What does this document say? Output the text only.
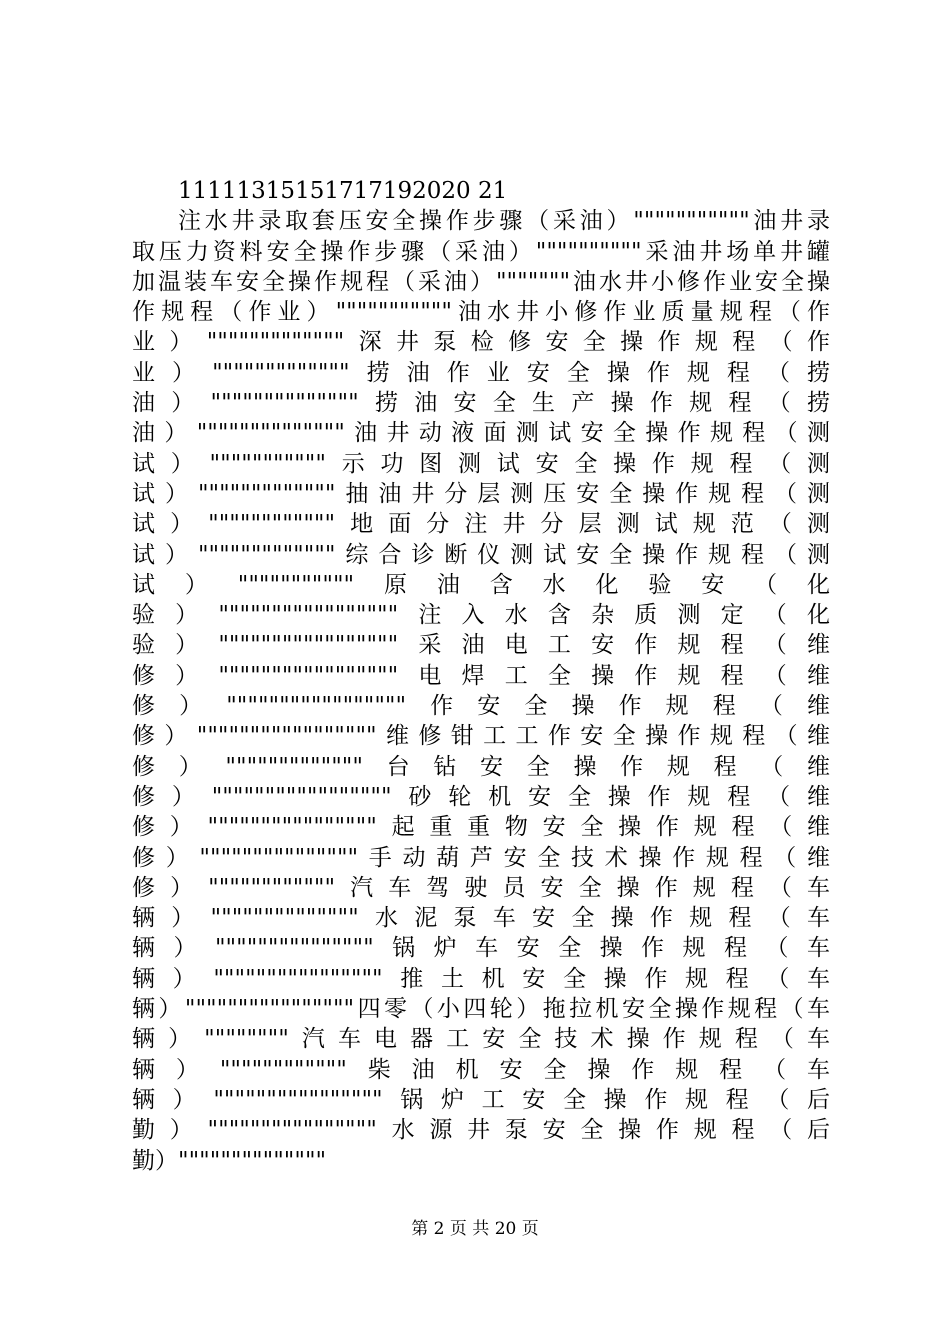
11111315151717192020 21
注水井录取套压安全操作步骤（采油）"""""""""""油井录
取压力资料安全操作步骤（采油）""""""""""采油井场单井罐
加温装车安全操作规程（采油）"""""""油水井小修作业安全操
作规程（作业）"""""""""""油水井小修作业质量规程（作
业）"""""""""""""深井泵检修安全操作规程（作
业）"""""""""""""捞油作业安全操作规程（捞
油）""""""""""""""捞油安全生产操作规程（捞
油）""""""""""""""油井动液面测试安全操作规程（测
试）"""""""""""示功图测试安全操作规程（测
试）"""""""""""""抽油井分层测压安全操作规程（测
试）""""""""""""地面分注井分层测试规范（测
试）"""""""""""""综合诊断仪测试安全操作规程（测
试）"""""""""""原油含水化验安（化
验）"""""""""""""""""注入水含杂质测定（化
验）"""""""""""""""""采油电工安作规程（维
修）"""""""""""""""""电焊工全操作规程（维
修）"""""""""""""""""作安全操作规程（维
修）"""""""""""""""""维修钳工工作安全操作规程（维
修）"""""""""""""台钻安全操作规程（维
修）"""""""""""""""""砂轮机安全操作规程（维
修）""""""""""""""""起重重物安全操作规程（维
修）"""""""""""""""手动葫芦安全技术操作规程（维
修）""""""""""""汽车驾驶员安全操作规程（车
辆）""""""""""""""水泥泵车安全操作规程（车
辆）"""""""""""""""锅炉车安全操作规程（车
辆）""""""""""""""""推土机安全操作规程（车
辆）""""""""""""""""四零（小四轮）拖拉机安全操作规程（车
辆）""""""""汽车电器工安全技术操作规程（车
辆）""""""""""""柴油机安全操作规程（车
辆）""""""""""""""""锅炉工安全操作规程（后
勤）""""""""""""""""水源井泵安全操作规程（后
勤）""""""""""""""
第 2 页 共 20 页
